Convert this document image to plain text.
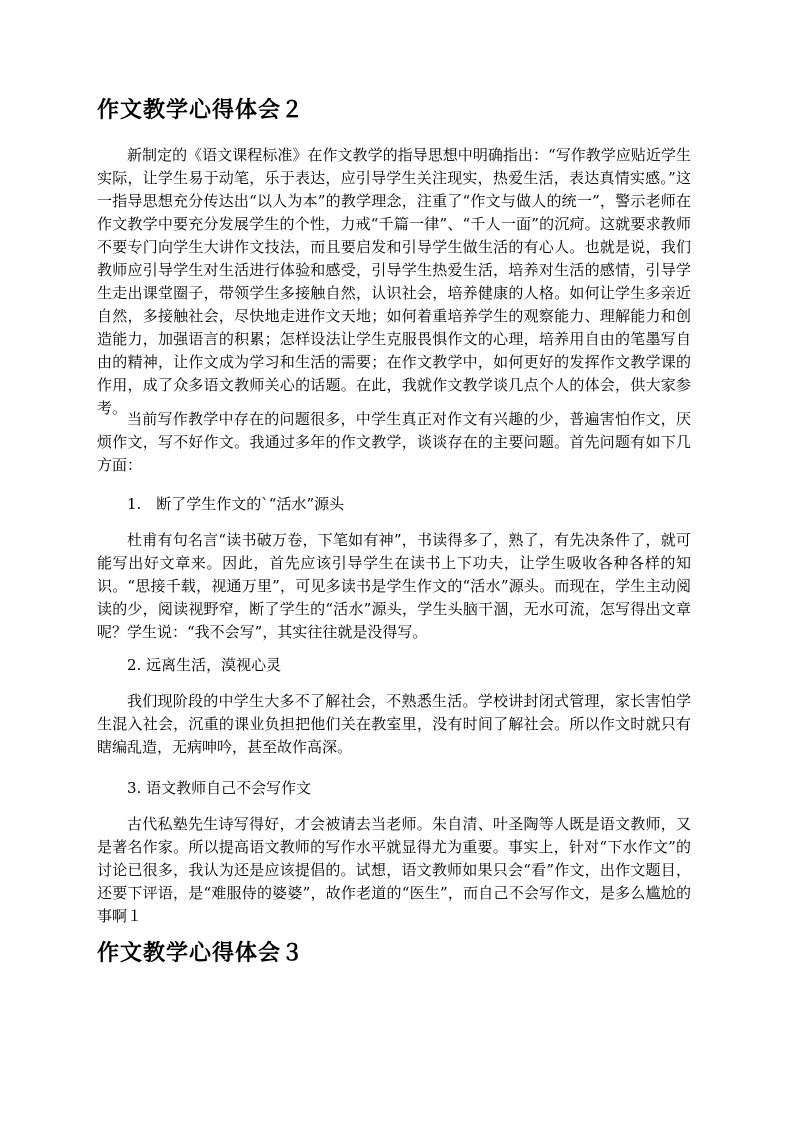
作文教学心得体会２

新制定的《语文课程标准》在作文教学的指导思想中明确指出：“写作教学应贴近学生实际，让学生易于动笔，乐于表达，应引导学生关注现实，热爱生活，表达真情实感。”这一指导思想充分传达出“以人为本”的教学理念，注重了“作文与做人的统一”，警示老师在作文教学中要充分发展学生的个性，力戒“千篇一律”、“千人一面”的沉疴。这就要求教师不要专门向学生大讲作文技法，而且要启发和引导学生做生活的有心人。也就是说，我们教师应引导学生对生活进行体验和感受，引导学生热爱生活，培养对生活的感情，引导学生走出课堂圈子，带领学生多接触自然，认识社会，培养健康的人格。如何让学生多亲近自然，多接触社会，尽快地走进作文天地；如何着重培养学生的观察能力、理解能力和创造能力，加强语言的积累；怎样设法让学生克服畏惧作文的心理，培养用自由的笔墨写自由的精神，让作文成为学习和生活的需要；在作文教学中，如何更好的发挥作文教学课的作用，成了众多语文教师关心的话题。在此，我就作文教学谈几点个人的体会，供大家参考。

当前写作教学中存在的问题很多，中学生真正对作文有兴趣的少，普遍害怕作文，厌烦作文，写不好作文。我通过多年的作文教学，谈谈存在的主要问题。首先问题有如下几方面：

1.　断了学生作文的`“活水”源头

杜甫有句名言“读书破万卷，下笔如有神”，书读得多了，熟了，有先决条件了，就可能写出好文章来。因此，首先应该引导学生在读书上下功夫，让学生吸收各种各样的知识。“思接千载，视通万里”，可见多读书是学生作文的“活水”源头。而现在，学生主动阅读的少，阅读视野窄，断了学生的“活水”源头，学生头脑干涸，无水可流，怎写得出文章呢？学生说：“我不会写”，其实往往就是没得写。

2. 远离生活，漠视心灵

我们现阶段的中学生大多不了解社会，不熟悉生活。学校讲封闭式管理，家长害怕学生混入社会，沉重的课业负担把他们关在教室里，没有时间了解社会。所以作文时就只有瞎编乱造，无病呻吟，甚至故作高深。

3. 语文教师自己不会写作文

古代私塾先生诗写得好，才会被请去当老师。朱自清、叶圣陶等人既是语文教师，又是著名作家。所以提高语文教师的写作水平就显得尤为重要。事实上，针对“下水作文”的讨论已很多，我认为还是应该提倡的。试想，语文教师如果只会“看”作文，出作文题目，还要下评语，是“难服侍的婆婆”，故作老道的“医生”，而自己不会写作文，是多么尴尬的事啊１

作文教学心得体会３
